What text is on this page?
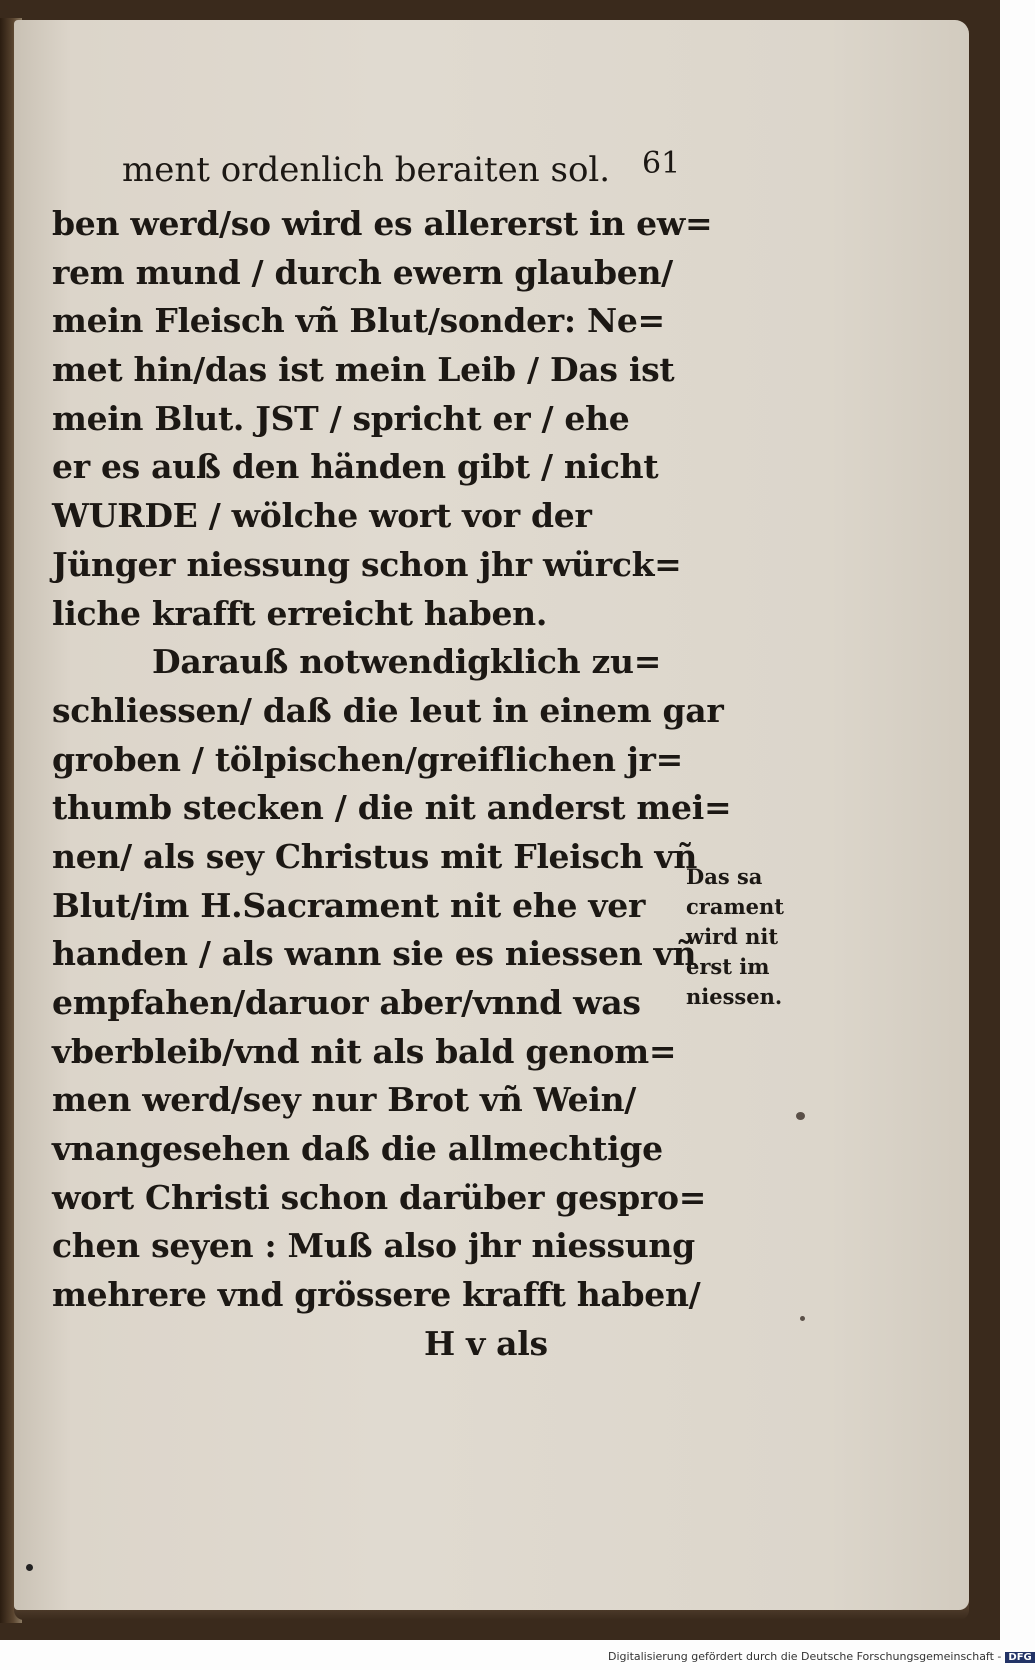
ment ordenlich beraiten sol. 61
ben werd/so wird es allererst in ew=
rem mund / durch ewern glauben/
mein Fleisch vñ Blut/sonder: Ne=
met hin/das ist mein Leib / Das ist
mein Blut. JST / spricht er / ehe
er es auß den händen gibt / nicht
WURDE / wölche wort vor der
Jünger niessung schon jhr würck=
liche krafft erreicht haben.
Darauß notwendigklich zu=
schliessen/ daß die leut in einem gar
groben / tölpischen/greiflichen jr=
thumb stecken / die nit anderst mei=
nen/ als sey Christus mit Fleisch vñ
Blut/im H.Sacrament nit ehe ver
handen / als wann sie es niessen vñ
empfahen/daruor aber/vnnd was
vberbleib/vnd nit als bald genom=
men werd/sey nur Brot vñ Wein/
vnangesehen daß die allmechtige
wort Christi schon darüber gespro=
chen seyen : Muß also jhr niessung
mehrere vnd grössere krafft haben/
H v als
Das sa
crament
wird nit
erst im
niessen.
Digitalisierung gefördert durch die Deutsche Forschungsgemeinschaft - DFG
